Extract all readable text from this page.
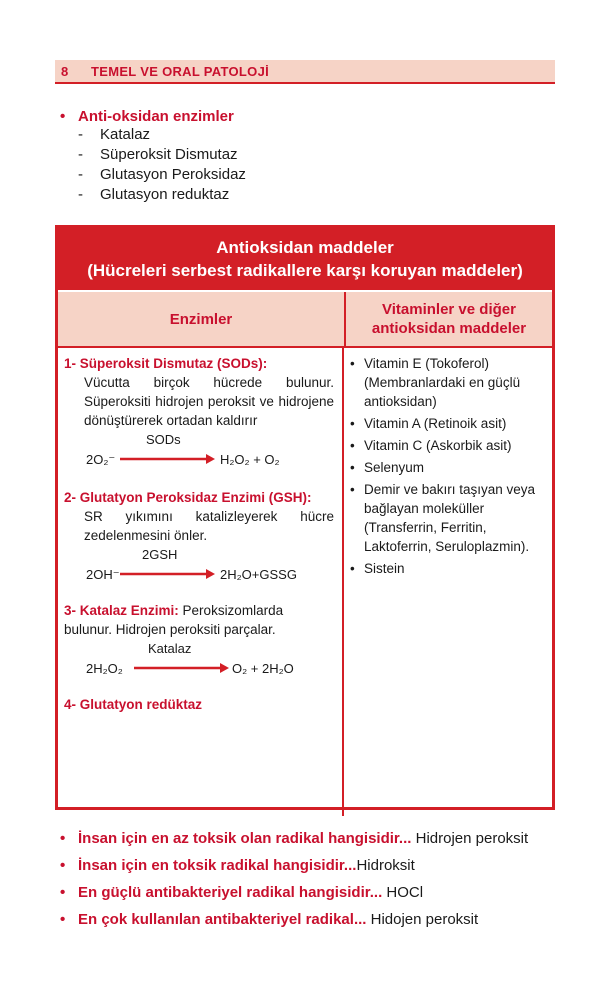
8	TEMEL VE ORAL PATOLOJİ
• Anti-oksidan enzimler
-	Katalaz
-	Süperoksit Dismutaz
-	Glutasyon Peroksidaz
-	Glutasyon reduktaz
Antioksidan maddeler
(Hücreleri serbest radikallere karşı koruyan maddeler)
Enzimler
Vitaminler ve diğer
antioksidan maddeler
1- Süperoksit Dismutaz (SODs):
Vücutta birçok hücrede bulunur. Süperoksiti hidrojen peroksit ve hidrojene dönüştürerek ortadan kaldırır
SODs
2O₂⁻	H₂O₂ + O₂
2- Glutatyon Peroksidaz Enzimi (GSH):
SR yıkımını katalizleyerek hücre zedelenmesini önler.
2GSH
2OH⁻	2H₂O+GSSG
3- Katalaz Enzimi: Peroksizomlarda bulunur. Hidrojen peroksiti parçalar.
Katalaz
2H₂O₂	O₂ + 2H₂O
4- Glutatyon redüktaz
• Vitamin E (Tokoferol) (Membranlardaki en güçlü antioksidan)
• Vitamin A (Retinoik asit)
• Vitamin C (Askorbik asit)
• Selenyum
• Demir ve bakırı taşıyan veya bağlayan moleküller (Transferrin, Ferritin, Laktoferrin, Seruloplazmin).
• Sistein
• İnsan için en az toksik olan radikal hangisidir... Hidrojen peroksit
• İnsan için en toksik radikal hangisidir...Hidroksit
• En güçlü antibakteriyel radikal hangisidir... HOCl
• En çok kullanılan antibakteriyel radikal... Hidojen peroksit
